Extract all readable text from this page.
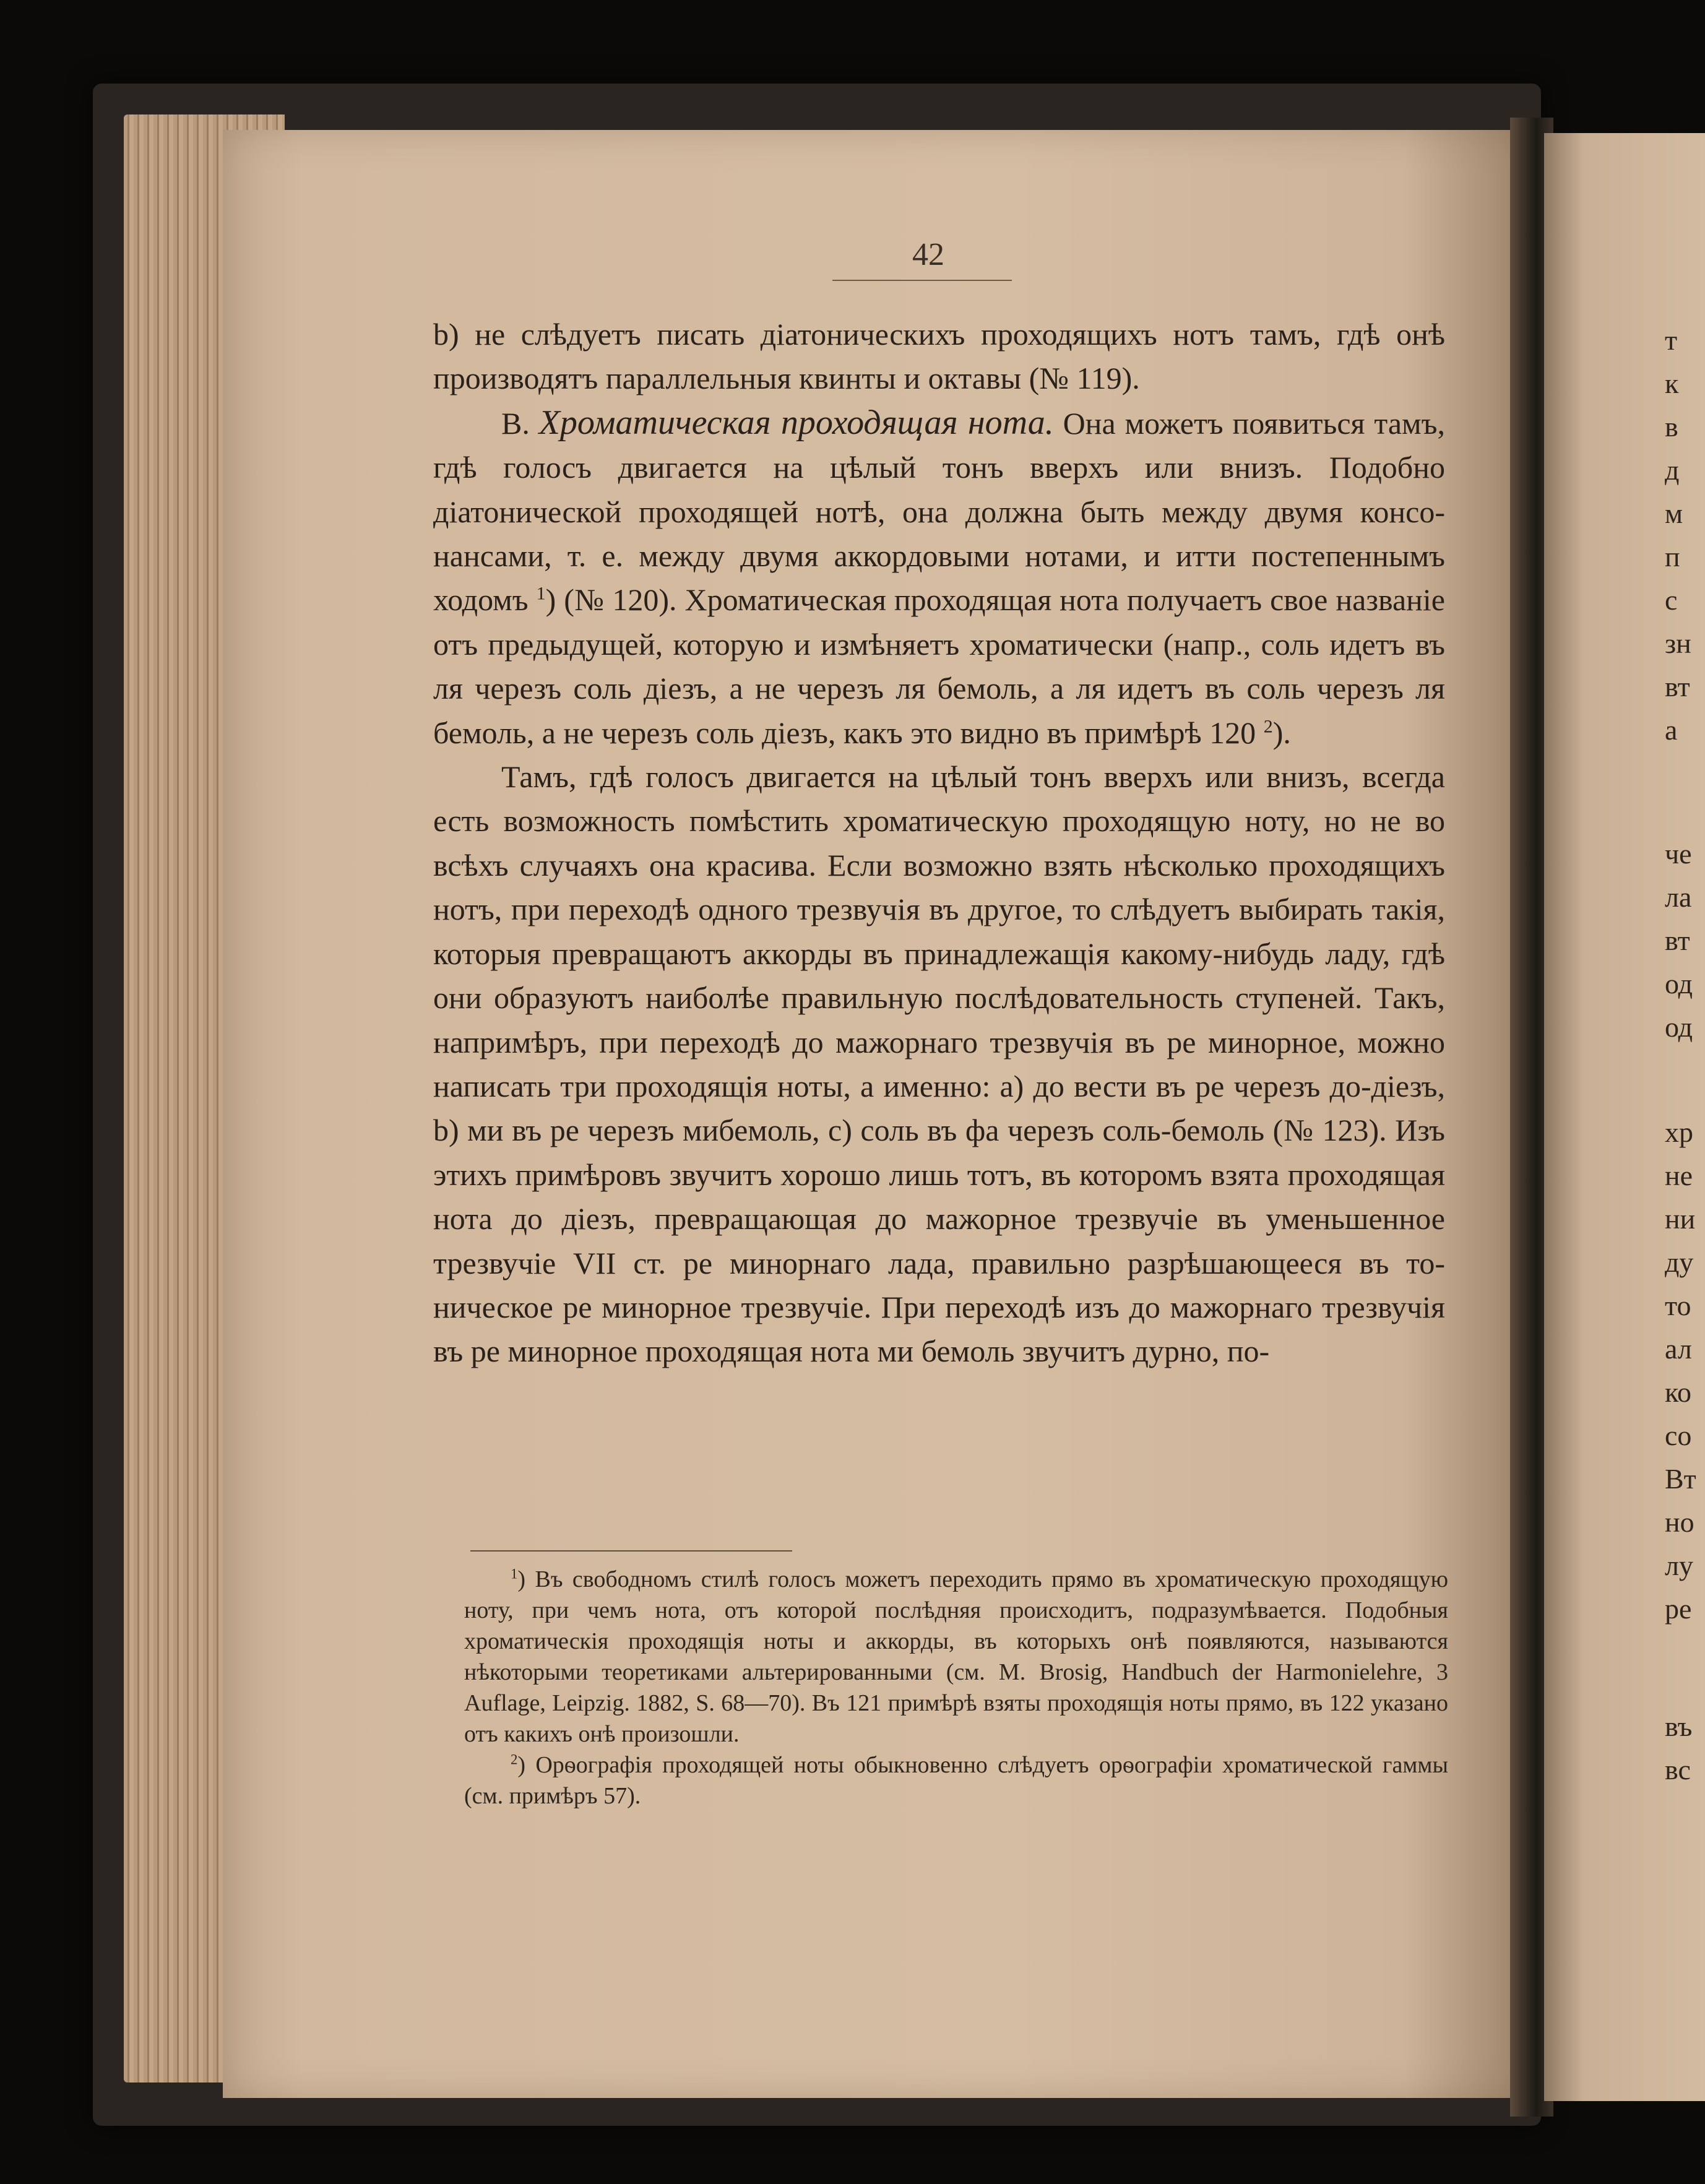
т

к

в

д

м

п

с

зн

вт

а

че

ла

вт

од

од

хр

не

ни

ду

то

ал

ко

со

Вт

но

лу

ре

въ

вс

42

b) не слѣдуетъ писать діатоническихъ проходящихъ нотъ тамъ, гдѣ онѣ производятъ параллельныя квинты и октавы (№ 119).

В. Хроматическая проходящая нота. Она можетъ появиться тамъ, гдѣ голосъ двигается на цѣлый тонъ вверхъ или внизъ. Подобно діатонической проходящей нотѣ, она должна быть между двумя консонансами, т. е. между двумя аккордовыми нотами, и итти постепеннымъ ходомъ $^1$) (№ 120). Хроматическая проходящая нота получаетъ свое названіе отъ предыдущей, которую и измѣняетъ хроматически (напр., соль идетъ въ ля черезъ соль діезъ, а не черезъ ля бемоль, а ля идетъ въ соль черезъ ля бемоль, а не черезъ соль діезъ, какъ это видно въ примѣрѣ 120 $^2$).

Тамъ, гдѣ голосъ двигается на цѣлый тонъ вверхъ или внизъ, всегда есть возможность помѣстить хроматическую проходящую ноту, но не во всѣхъ случаяхъ она красива. Если возможно взять нѣсколько проходящихъ нотъ, при переходѣ одного трезвучія въ другое, то слѣдуетъ выбирать такія, которыя превращаютъ аккорды въ принадлежащія какому-нибудь ладу, гдѣ они образуютъ наиболѣе правильную послѣдовательность ступеней. Такъ, напримѣръ, при переходѣ до мажорнаго трезвучія въ ре минорное, можно написать три проходящія ноты, а именно: a) до вести въ ре черезъ до-діезъ, b) ми въ ре черезъ мибемоль, c) соль въ фа черезъ соль-бемоль (№ 123). Изъ этихъ примѣровъ звучитъ хорошо лишь тотъ, въ которомъ взята проходящая нота до діезъ, превращающая до мажорное трезвучіе въ уменьшенное трезвучіе VII ст. ре минорнаго лада, правильно разрѣшающееся въ тоническое ре минорное трезвучіе. При переходѣ изъ до мажорнаго трезвучія въ ре минорное проходящая нота ми бемоль звучитъ дурно, по-

$^1$) Въ свободномъ стилѣ голосъ можетъ переходить прямо въ хроматическую проходящую ноту, при чемъ нота, отъ которой послѣдняя происходитъ, подразумѣвается. Подобныя хроматическія проходящія ноты и аккорды, въ которыхъ онѣ появляются, называются нѣкоторыми теоретиками альтерированными (см. M. Brosig, Handbuch der Harmonielehre, 3 Auflage, Leipzig. 1882, S. 68—70). Въ 121 примѣрѣ взяты проходящія ноты прямо, въ 122 указано отъ какихъ онѣ произошли.

$^2$) Орѳографія проходящей ноты обыкновенно слѣдуетъ орѳографіи хроматической гаммы (см. примѣръ 57).
